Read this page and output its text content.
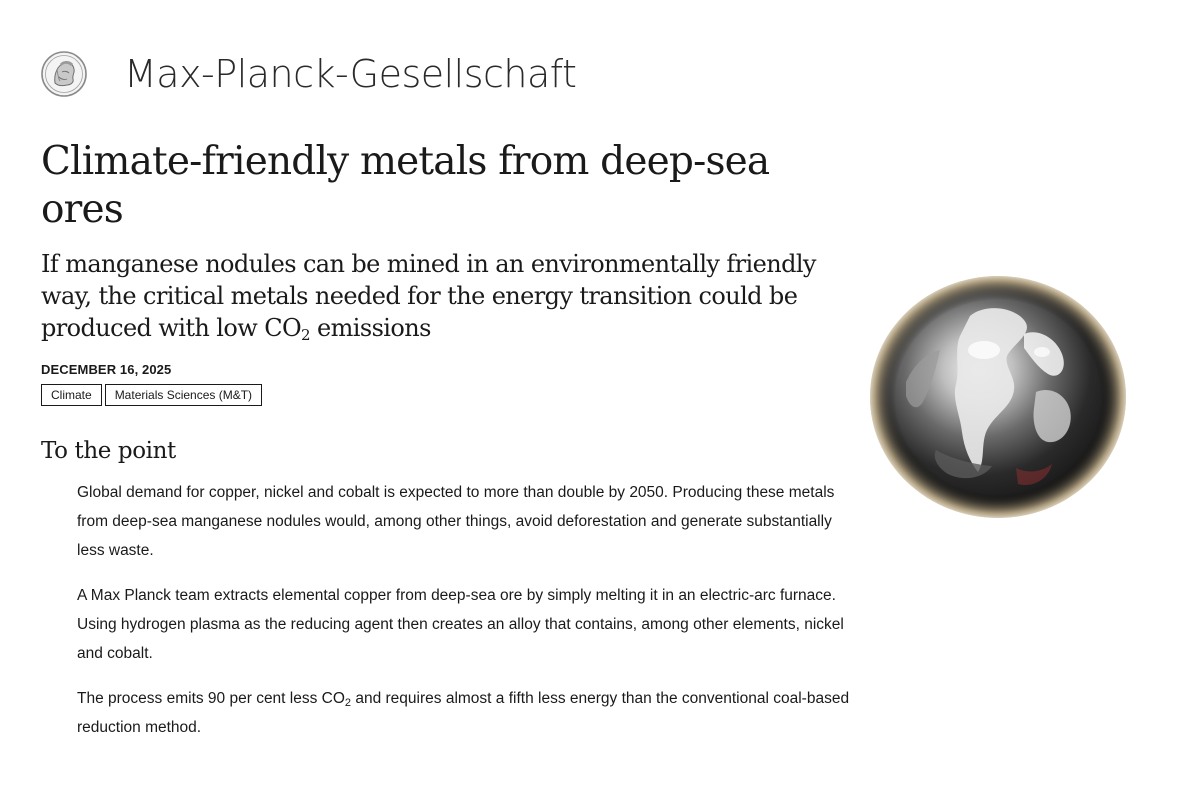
Max-Planck-Gesellschaft
Climate-friendly metals from deep-sea ores
If manganese nodules can be mined in an environmentally friendly way, the critical metals needed for the energy transition could be produced with low $CO_2$ emissions
DECEMBER 16, 2025
Climate	Materials Sciences (M&T)
To the point

Global demand for copper, nickel and cobalt is expected to more than double by 2050. Producing these metals from deep-sea manganese nodules would, among other things, avoid deforestation and generate substantially less waste.

A Max Planck team extracts elemental copper from deep-sea ore by simply melting it in an electric-arc furnace. Using hydrogen plasma as the reducing agent then creates an alloy that contains, among other elements, nickel and cobalt.

The process emits 90 per cent less $CO_2$ and requires almost a fifth less energy than the conventional coal-based reduction method.
